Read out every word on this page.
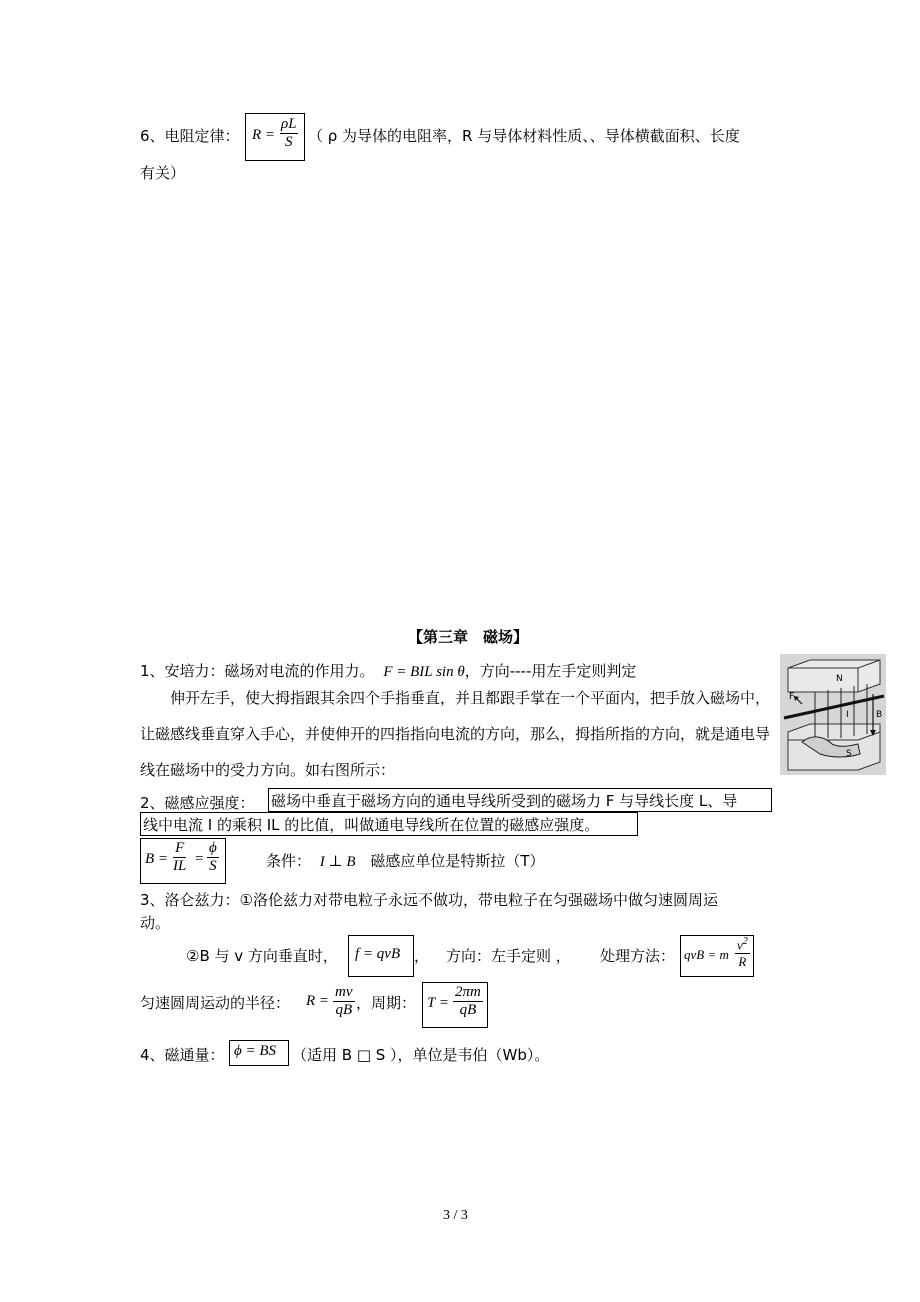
6、电阻定律： $R = \frac{\rho L}{S}$ （ ρ 为导体的电阻率，R 与导体材料性质、、导体横截面积、长度
有关）
【第三章　磁场】
1、安培力：磁场对电流的作用力。 F = BIL sin θ，方向----用左手定则判定
伸开左手，使大拇指跟其余四个手指垂直，并且都跟手掌在一个平面内，把手放入磁场中，让磁感线垂直穿入手心，并使伸开的四指指向电流的方向，那么，拇指所指的方向，就是通电导线在磁场中的受力方向。如右图所示：
N
F
I	B
S
2、磁感应强度： 磁场中垂直于磁场方向的通电导线所受到的磁场力 F 与导线长度 L、导
线中电流 I 的乘积 IL 的比值，叫做通电导线所在位置的磁感应强度。
B =
F
IL =
ϕ
S	条件： I ⊥ B 磁感应单位是特斯拉（T）
3、洛仑兹力：①洛伦兹力对带电粒子永远不做功，带电粒子在匀强磁场中做匀速圆周运
动。
②B 与 v 方向垂直时， f = qvB ， 方向：左手定则 ， 处理方法： qvB = m
$v^2$
R
匀速圆周运动的半径： $R = \frac{mv}{qB}$ ，周期： $T = \frac{2\pi m}{qB}$
4、磁通量： ϕ = BS （适用 B □ S ），单位是韦伯（Wb）。
3 / 3
